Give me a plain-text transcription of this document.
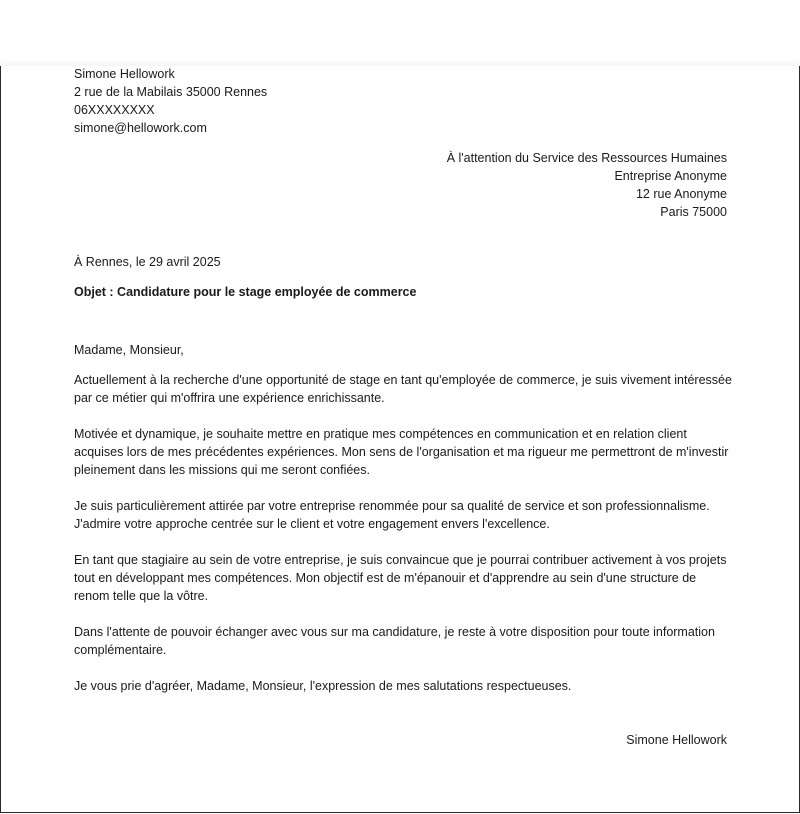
Simone Hellowork
2 rue de la Mabilais 35000 Rennes
06XXXXXXXX
simone@hellowork.com
À l'attention du Service des Ressources Humaines
Entreprise Anonyme
12 rue Anonyme
Paris 75000
À Rennes, le 29 avril 2025
Objet : Candidature pour le stage employée de commerce
Madame, Monsieur,
Actuellement à la recherche d'une opportunité de stage en tant qu'employée de commerce, je suis vivement intéressée par ce métier qui m'offrira une expérience enrichissante.
Motivée et dynamique, je souhaite mettre en pratique mes compétences en communication et en relation client acquises lors de mes précédentes expériences. Mon sens de l'organisation et ma rigueur me permettront de m'investir pleinement dans les missions qui me seront confiées.
Je suis particulièrement attirée par votre entreprise renommée pour sa qualité de service et son professionnalisme. J'admire votre approche centrée sur le client et votre engagement envers l'excellence.
En tant que stagiaire au sein de votre entreprise, je suis convaincue que je pourrai contribuer activement à vos projets tout en développant mes compétences. Mon objectif est de m'épanouir et d'apprendre au sein d'une structure de renom telle que la vôtre.
Dans l'attente de pouvoir échanger avec vous sur ma candidature, je reste à votre disposition pour toute information complémentaire.
Je vous prie d'agréer, Madame, Monsieur, l'expression de mes salutations respectueuses.
Simone Hellowork
